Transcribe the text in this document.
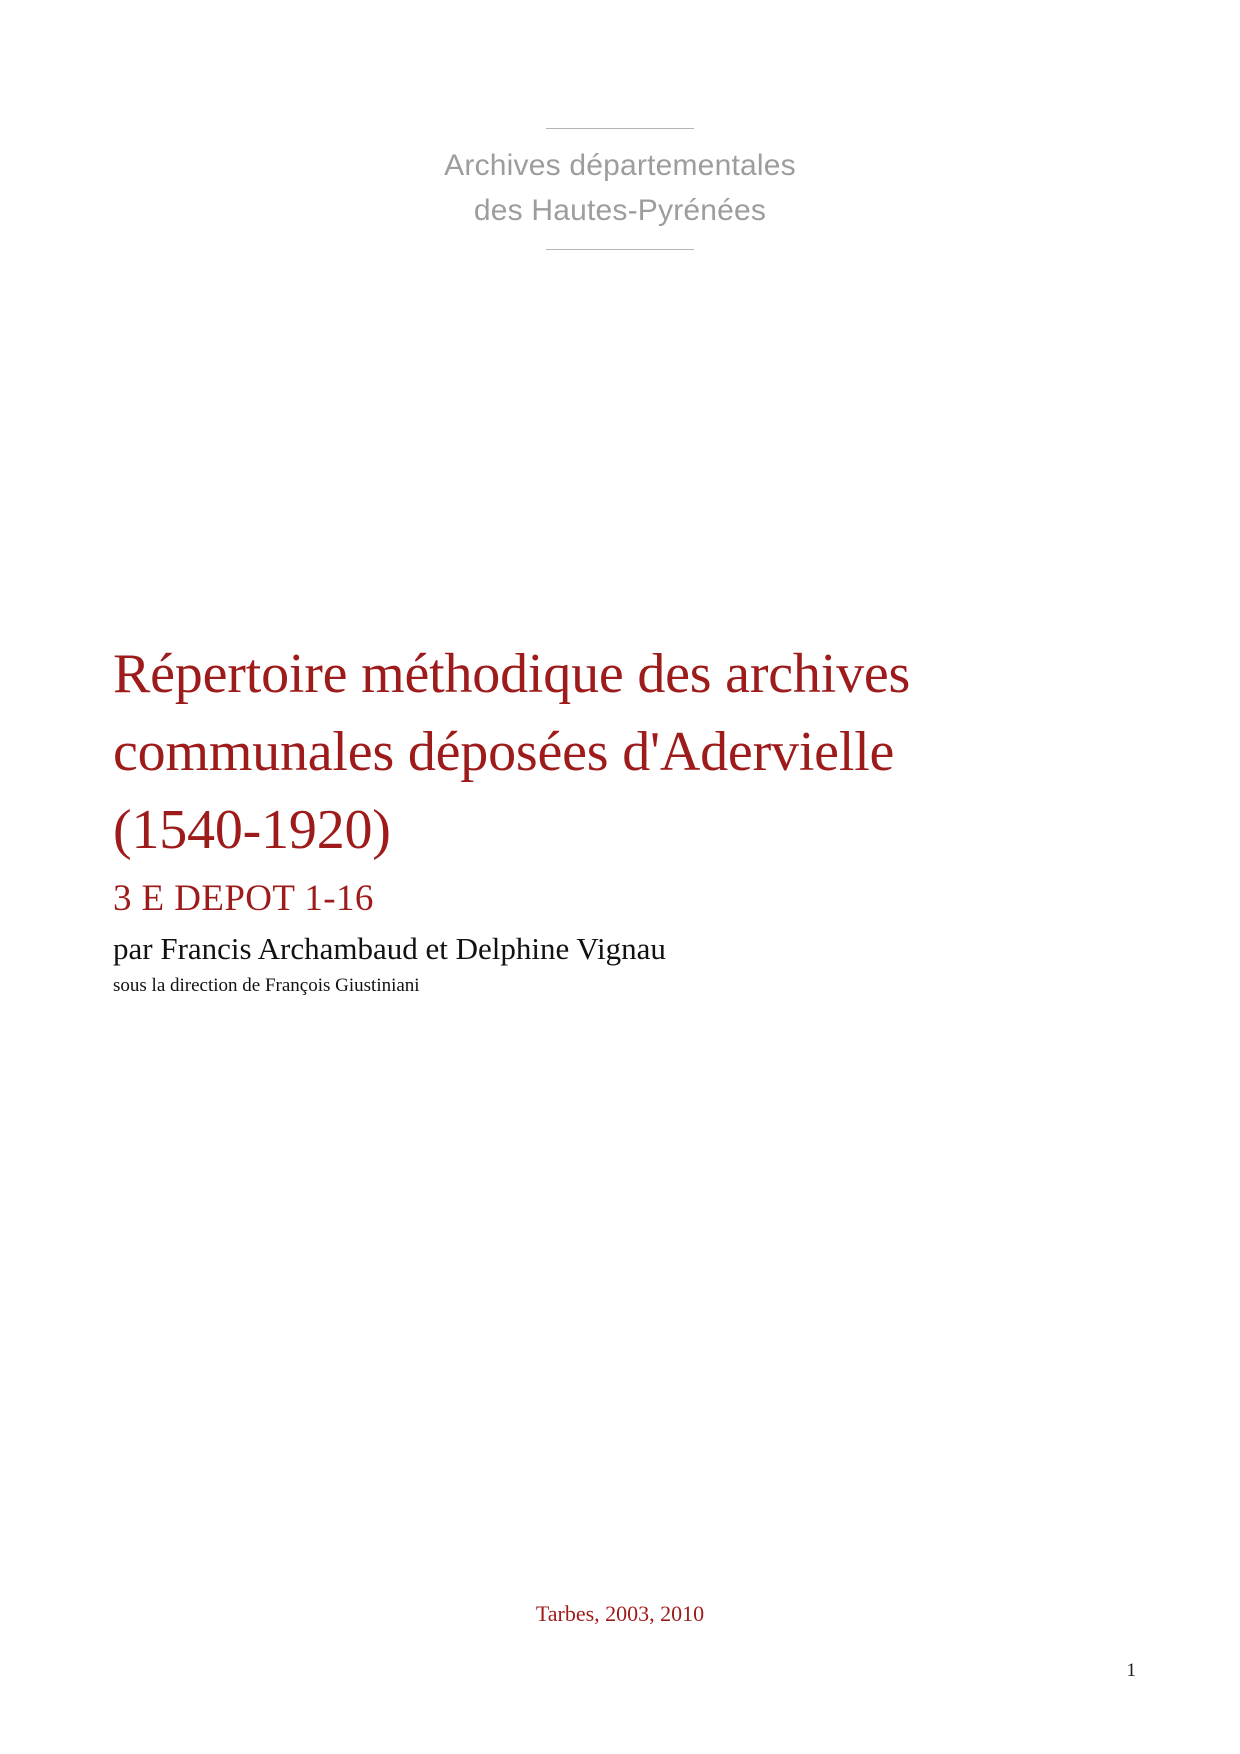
Archives départementales
des Hautes-Pyrénées
Répertoire méthodique des archives communales déposées d'Adervielle (1540-1920)
3 E DEPOT 1-16
par Francis Archambaud et Delphine Vignau
sous la direction de François Giustiniani
Tarbes, 2003, 2010
1
